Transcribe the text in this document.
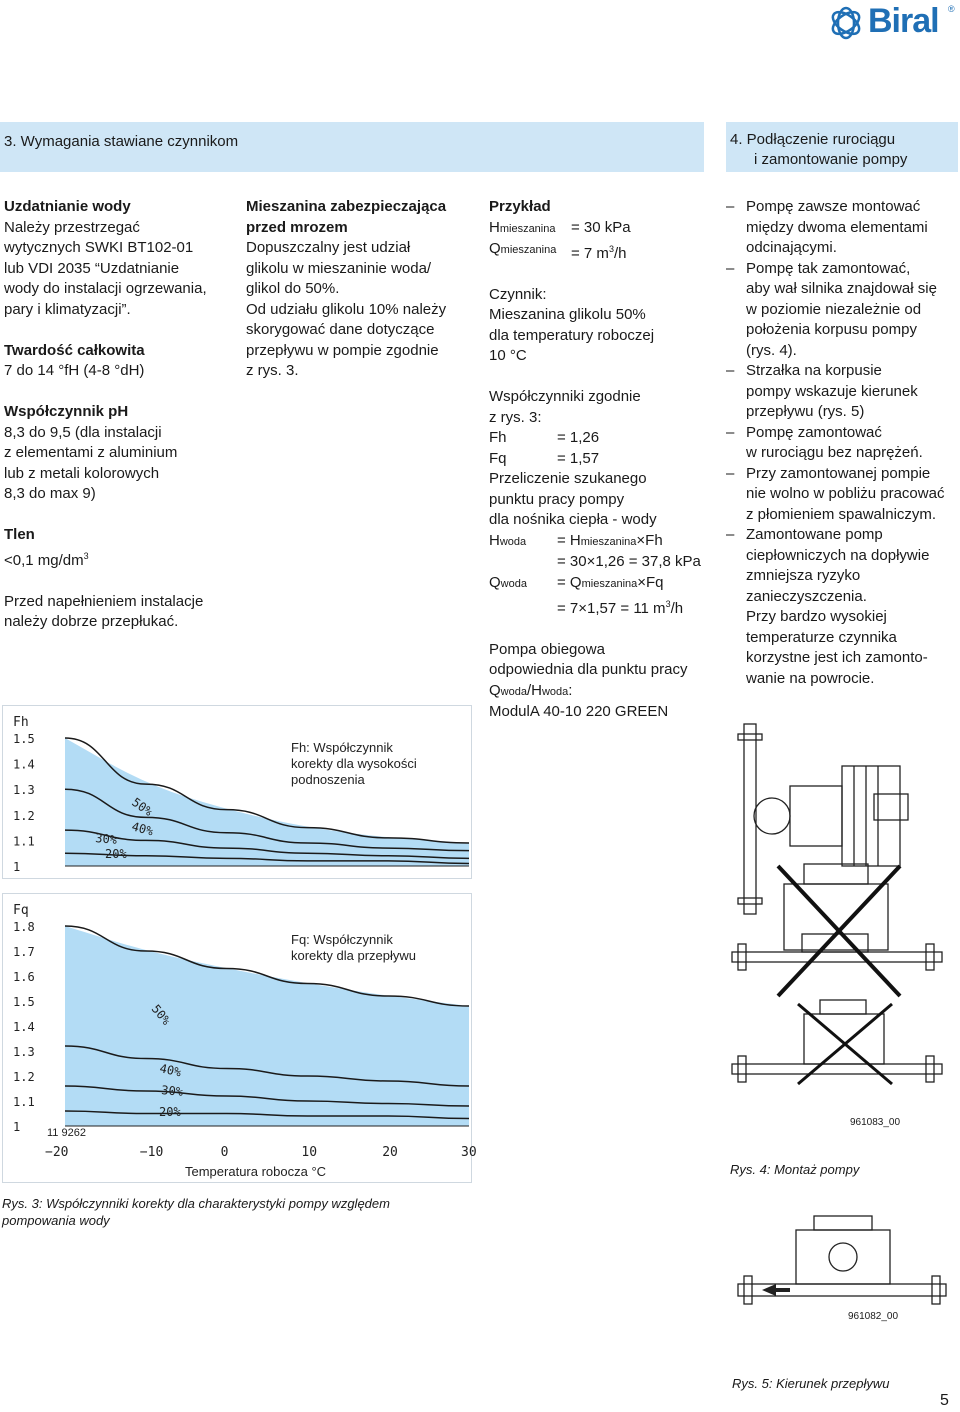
Biral ®
3. Wymagania stawiane czynnikom	4. Podłączenie rurociągu
i zamontowanie pompy
Uzdatnianie wody
Należy przestrzegać
wytycznych SWKI BT102-01
lub VDI 2035 “Uzdatnianie
wody do instalacji ogrzewania,

pary i klimatyzacji”.

Twardość całkowita

7 do 14 °fH (4-8 °dH)

Współczynnik pH
8,3 do 9,5 (dla instalacji
z elementami z aluminium
lub z metali kolorowych

8,3 do max 9)

Tlen

<0,1 $mg/dm^3$

Przed napełnieniem instalacje
należy dobrze przepłukać.
Mieszanina zabezpieczająca
przed mrozem
Dopuszczalny jest udział
glikolu w mieszaninie woda/
glikol do 50%.
Od udziału glikolu 10% należy
skorygować dane dotyczące
przepływu w pompie zgodnie
z rys. 3.
Przykład
Hmieszanina	= 30 kPa
Qmieszanina = 7 $m^3/h$
Czynnik:
Mieszanina glikolu 50%
dla temperatury roboczej

10 °C

Współczynniki zgodnie
z rys. 3:
Fh	= 1,26
Fq	= 1,57
Przeliczenie szukanego
punktu pracy pompy
dla nośnika ciepła - wody
Hwoda	= Hmieszanina×Fh
= 30×1,26 = 37,8 kPa
Qwoda	= Qmieszanina×Fq
= 7×1,57 = 11 $m^3/h$
Pompa obiegowa
odpowiednia dla punktu pracy
Qwoda/Hwoda:
ModulA 40-10 220 GREEN
– Pompę zawsze montować
między dwoma elementami
odcinającymi.
– Pompę tak zamontować,
aby wał silnika znajdował się
w poziomie niezależnie od
położenia korpusu pompy
(rys. 4).
– Strzałka na korpusie
pompy wskazuje kierunek
przepływu (rys. 5)
– Pompę zamontować
w rurociągu bez naprężeń.
– Przy zamontowanej pompie
nie wolno w pobliżu pracować
z płomieniem spawalniczym.
– Zamontowane pomp
ciepłowniczych na dopływie
zmniejsza ryzyko
zanieczyszczenia.
Przy bardzo wysokiej
temperaturze czynnika
korzystne jest ich zamonto-
wanie na powrocie.
Fh
1.5
1.4
1.3
1.2
1.1
1
50%
40%
30%
20%
Fh: Współczynnik
korekty dla wysokości
podnoszenia
Fq
1.8
1.7
1.6
1.5
1.4
1.3
1.2
1.1
1
50%
40%
30%
20%
Fq: Współczynnik
korekty dla przepływu
−20	−10	0	10	20	30
Temperatura robocza °C
11 9262
Rys. 3: Współczynniki korekty dla charakterystyki pompy względem
pompowania wody
961083_00
Rys. 4: Montaż pompy
961082_00
Rys. 5: Kierunek przepływu
5
